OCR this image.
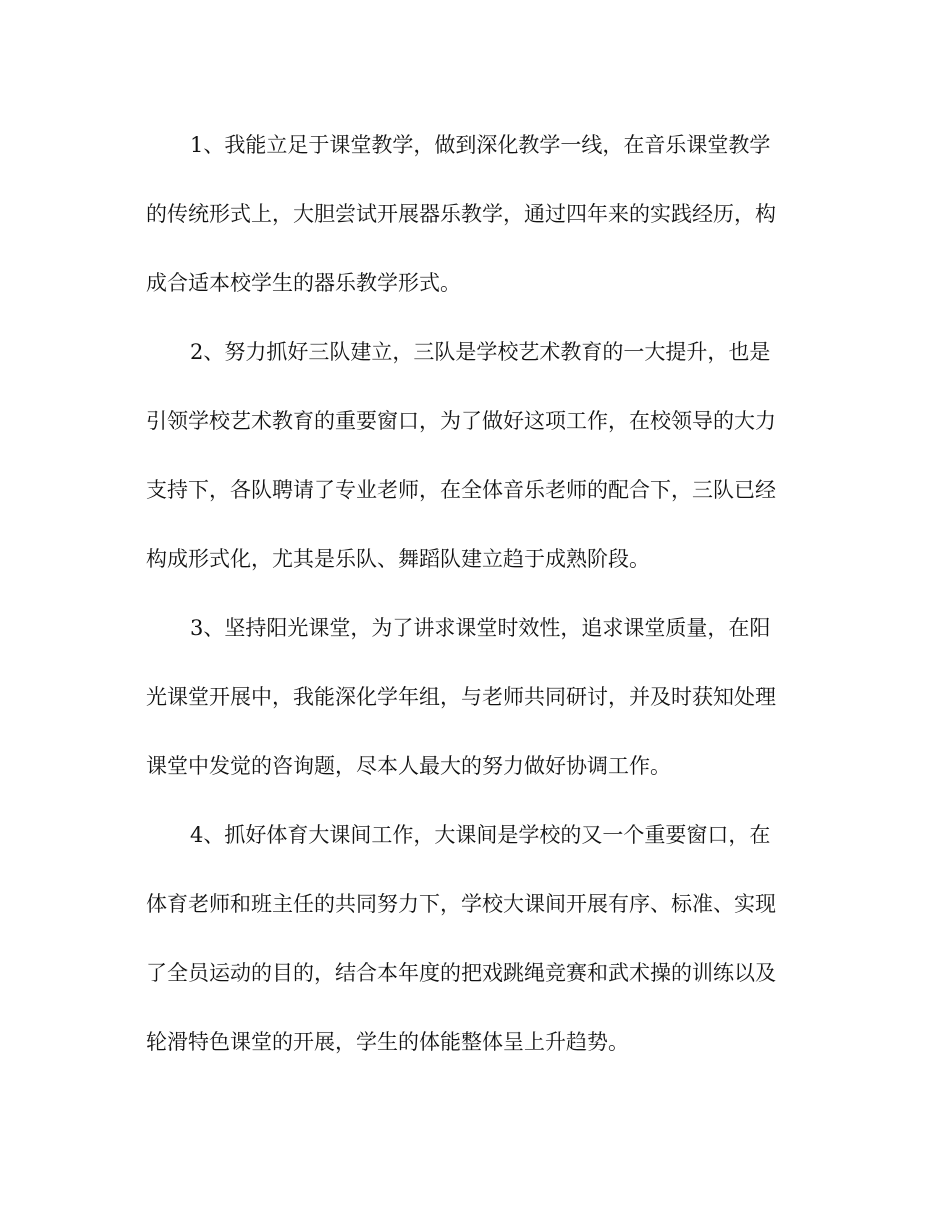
1、我能立足于课堂教学，做到深化教学一线，在音乐课堂教学
的传统形式上，大胆尝试开展器乐教学，通过四年来的实践经历，构
成合适本校学生的器乐教学形式。
2、努力抓好三队建立，三队是学校艺术教育的一大提升，也是
引领学校艺术教育的重要窗口，为了做好这项工作，在校领导的大力
支持下，各队聘请了专业老师，在全体音乐老师的配合下，三队已经
构成形式化，尤其是乐队、舞蹈队建立趋于成熟阶段。
3、坚持阳光课堂，为了讲求课堂时效性，追求课堂质量，在阳
光课堂开展中，我能深化学年组，与老师共同研讨，并及时获知处理
课堂中发觉的咨询题，尽本人最大的努力做好协调工作。
4、抓好体育大课间工作，大课间是学校的又一个重要窗口，在
体育老师和班主任的共同努力下，学校大课间开展有序、标准、实现
了全员运动的目的，结合本年度的把戏跳绳竞赛和武术操的训练以及
轮滑特色课堂的开展，学生的体能整体呈上升趋势。
